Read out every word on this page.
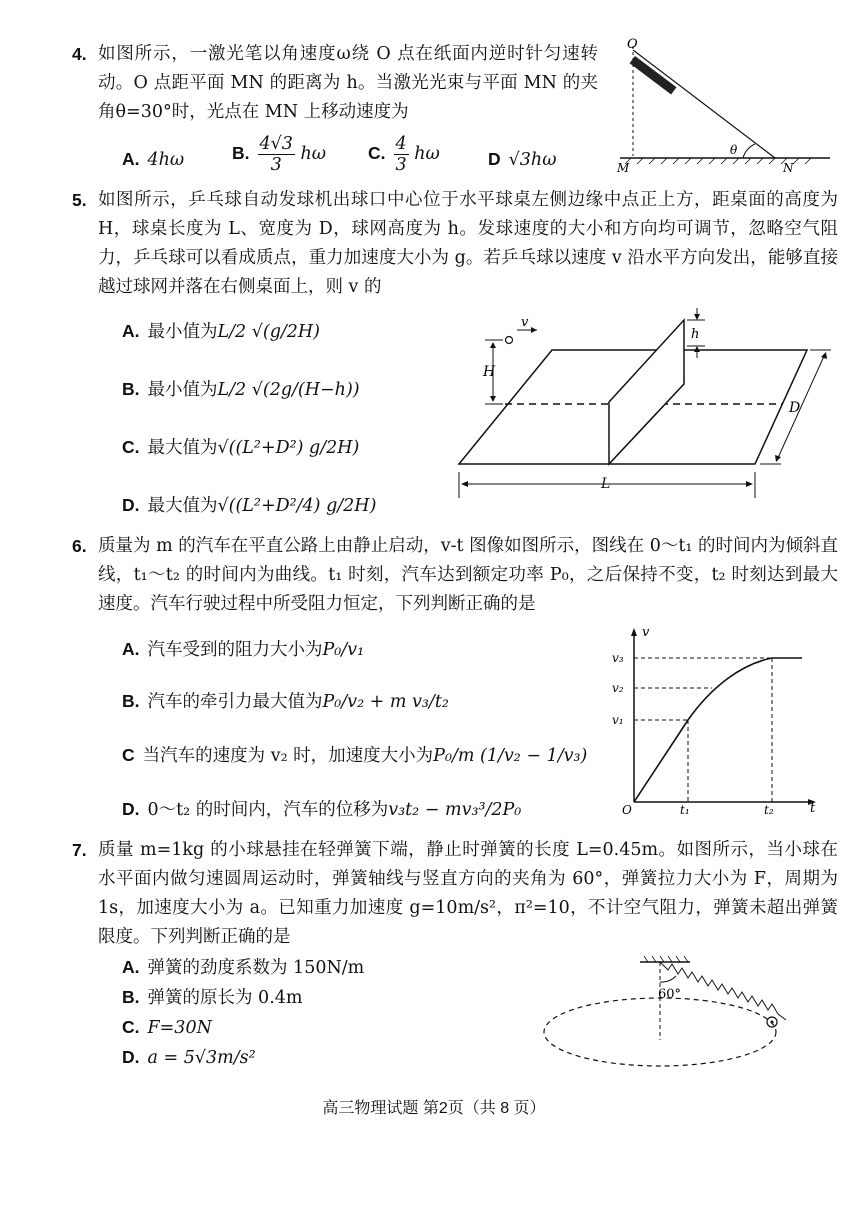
4. 如图所示，一激光笔以角速度ω绕 O 点在纸面内逆时针匀速转动。O 点距平面 MN 的距离为 h。当激光光束与平面 MN 的夹角θ=30°时，光点在 MN 上移动速度为
A. 4hω	B. $\frac{4√3}{3}$ hω C. $\frac{4}{3}$ hω	D √3hω
O
M	N
θ
5. 如图所示，乒乓球自动发球机出球口中心位于水平球桌左侧边缘中点正上方，距桌面的高度为 H，球桌长度为 L、宽度为 D，球网高度为 h。发球速度的大小和方向均可调节，忽略空气阻力，乒乓球可以看成质点，重力加速度大小为 g。若乒乓球以速度 v 沿水平方向发出，能够直接越过球网并落在右侧桌面上，则 v 的
A. 最小值为L/2 √(g/2H)
B. 最小值为L/2 √(2g/(H−h))
C. 最大值为√((L²+D²) g/2H)
D. 最大值为√((L²+D²/4) g/2H)
v
H
h
D
L
6. 质量为 m 的汽车在平直公路上由静止启动，v-t 图像如图所示，图线在 0～t₁ 的时间内为倾斜直线，t₁～t₂ 的时间内为曲线。t₁ 时刻，汽车达到额定功率 P₀，之后保持不变，t₂ 时刻达到最大速度。汽车行驶过程中所受阻力恒定，下列判断正确的是
A. 汽车受到的阻力大小为P₀/v₁
B. 汽车的牵引力最大值为P₀/v₂ + m v₃/t₂
C 当汽车的速度为 v₂ 时，加速度大小为P₀/m (1/v₂ − 1/v₃)
D. 0～t₂ 的时间内，汽车的位移为v₃t₂ − mv₃³/2P₀
v
t
O
v₁
v₂
v₃
t₁	t₂
7. 质量 m=1kg 的小球悬挂在轻弹簧下端，静止时弹簧的长度 L=0.45m。如图所示，当小球在水平面内做匀速圆周运动时，弹簧轴线与竖直方向的夹角为 60°，弹簧拉力大小为 F，周期为 1s，加速度大小为 a。已知重力加速度 g=10m/s²，π²=10，不计空气阻力，弹簧未超出弹簧限度。下列判断正确的是
A. 弹簧的劲度系数为 150N/m
B. 弹簧的原长为 0.4m
C. F=30N
D. a = 5√3m/s²
60°
高三物理试题 第2页（共 8 页）
